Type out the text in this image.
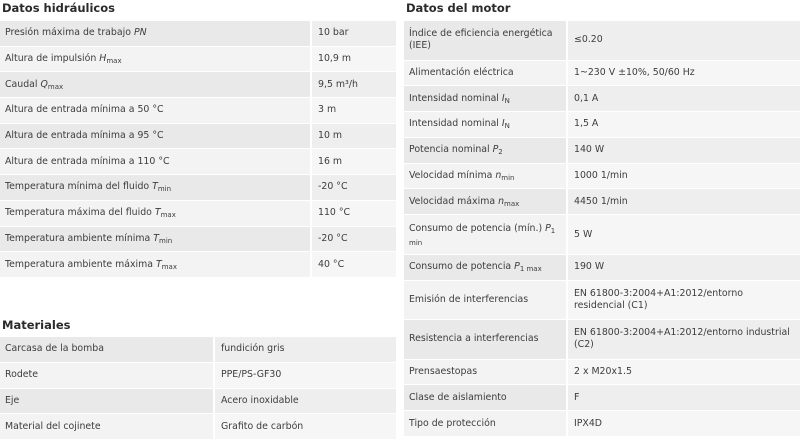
Datos hidráulicos
Presión máxima de trabajo PN	10 bar
Altura de impulsión $H_{max}$	10,9 m
Caudal $Q_{max}$	9,5 m³/h
Altura de entrada mínima a 50 °C	3 m
Altura de entrada mínima a 95 °C	10 m
Altura de entrada mínima a 110 °C	16 m
Temperatura mínima del fluido $T_{min}$	-20 °C
Temperatura máxima del fluido $T_{max}$	110 °C
Temperatura ambiente mínima $T_{min}$	-20 °C
Temperatura ambiente máxima $T_{max}$	40 °C
Materiales
Carcasa de la bomba	fundición gris
Rodete	PPE/PS-GF30
Eje	Acero inoxidable
Material del cojinete	Grafito de carbón
Datos del motor
Índice de eficiencia energética (IEE)	≤0.20
Alimentación eléctrica	1~230 V ±10%, 50/60 Hz
Intensidad nominal $I_N$	0,1 A
Intensidad nominal $I_N$	1,5 A
Potencia nominal $P_2$	140 W
Velocidad mínima $n_{min}$	1000 1/min
Velocidad máxima $n_{max}$	4450 1/min
Consumo de potencia (mín.) $P_{1 min}$	5 W
Consumo de potencia $P_{1 max}$	190 W
Emisión de interferencias	EN 61800-3:2004+A1:2012/entorno residencial (C1)
Resistencia a interferencias	EN 61800-3:2004+A1:2012/entorno industrial (C2)
Prensaestopas	2 x M20x1.5
Clase de aislamiento	F
Tipo de protección	IPX4D
